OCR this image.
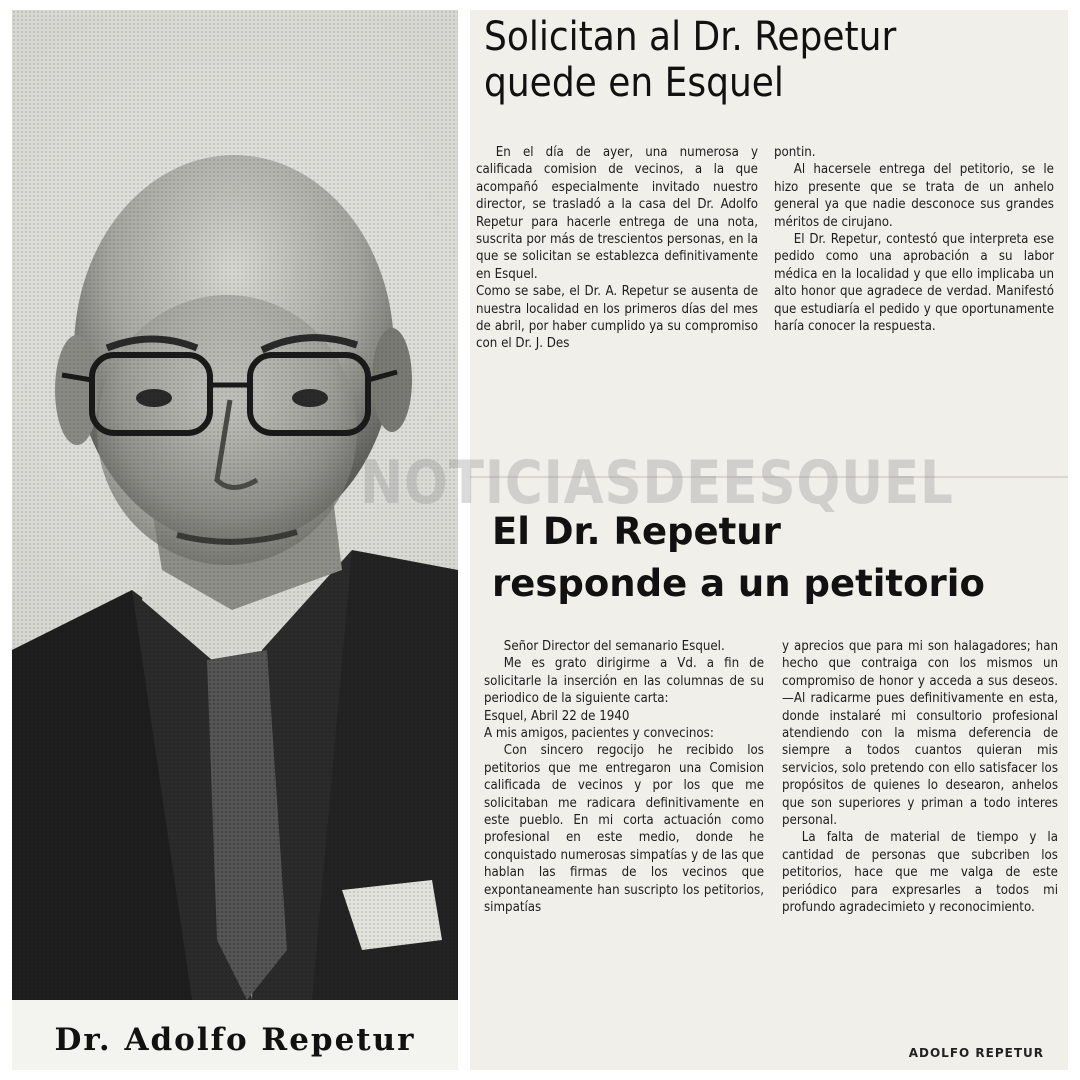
Dr. Adolfo Repetur
Solicitan al Dr. Repetur
quede en Esquel

En el día de ayer, una numerosa y calificada comision de vecinos, a la que acompañó especialmente invitado nuestro director, se trasladó a la casa del Dr. Adolfo Repetur para hacerle entrega de una nota, suscrita por más de trescientos personas, en la que se solicitan se establezca definitivamente en Esquel.

Como se sabe, el Dr. A. Repetur se ausenta de nuestra localidad en los primeros días del mes de abril, por haber cumplido ya su compromiso con el Dr. J. Des

pontin.

Al hacersele entrega del petitorio, se le hizo presente que se trata de un anhelo general ya que nadie desconoce sus grandes méritos de cirujano.

El Dr. Repetur, contestó que interpreta ese pedido como una aprobación a su labor médica en la localidad y que ello implicaba un alto honor que agradece de verdad. Manifestó que estudiaría el pedido y que oportunamente haría conocer la respuesta.

El Dr. Repetur
responde a un petitorio

Señor Director del semanario Esquel.

Me es grato dirigirme a Vd. a fin de solicitarle la inserción en las columnas de su periodico de la siguiente carta:

Esquel, Abril 22 de 1940

A mis amigos, pacientes y convecinos:

Con sincero regocijo he recibido los petitorios que me entregaron una Comision calificada de vecinos y por los que me solicitaban me radicara definitivamente en este pueblo. En mi corta actuación como profesional en este medio, donde he conquistado numerosas simpatías y de las que hablan las firmas de los vecinos que expontaneamente han suscripto los petitorios, simpatías

y aprecios que para mi son halagadores; han hecho que contraiga con los mismos un compromiso de honor y acceda a sus deseos.—Al radicarme pues definitivamente en esta, donde instalaré mi consultorio profesional atendiendo con la misma deferencia de siempre a todos cuantos quieran mis servicios, solo pretendo con ello satisfacer los propósitos de quienes lo desearon, anhelos que son superiores y priman a todo interes personal.

La falta de material de tiempo y la cantidad de personas que subcriben los petitorios, hace que me valga de este periódico para expresarles a todos mi profundo agradecimieto y reconocimiento.

ADOLFO REPETUR
NOTICIASDEESQUEL
